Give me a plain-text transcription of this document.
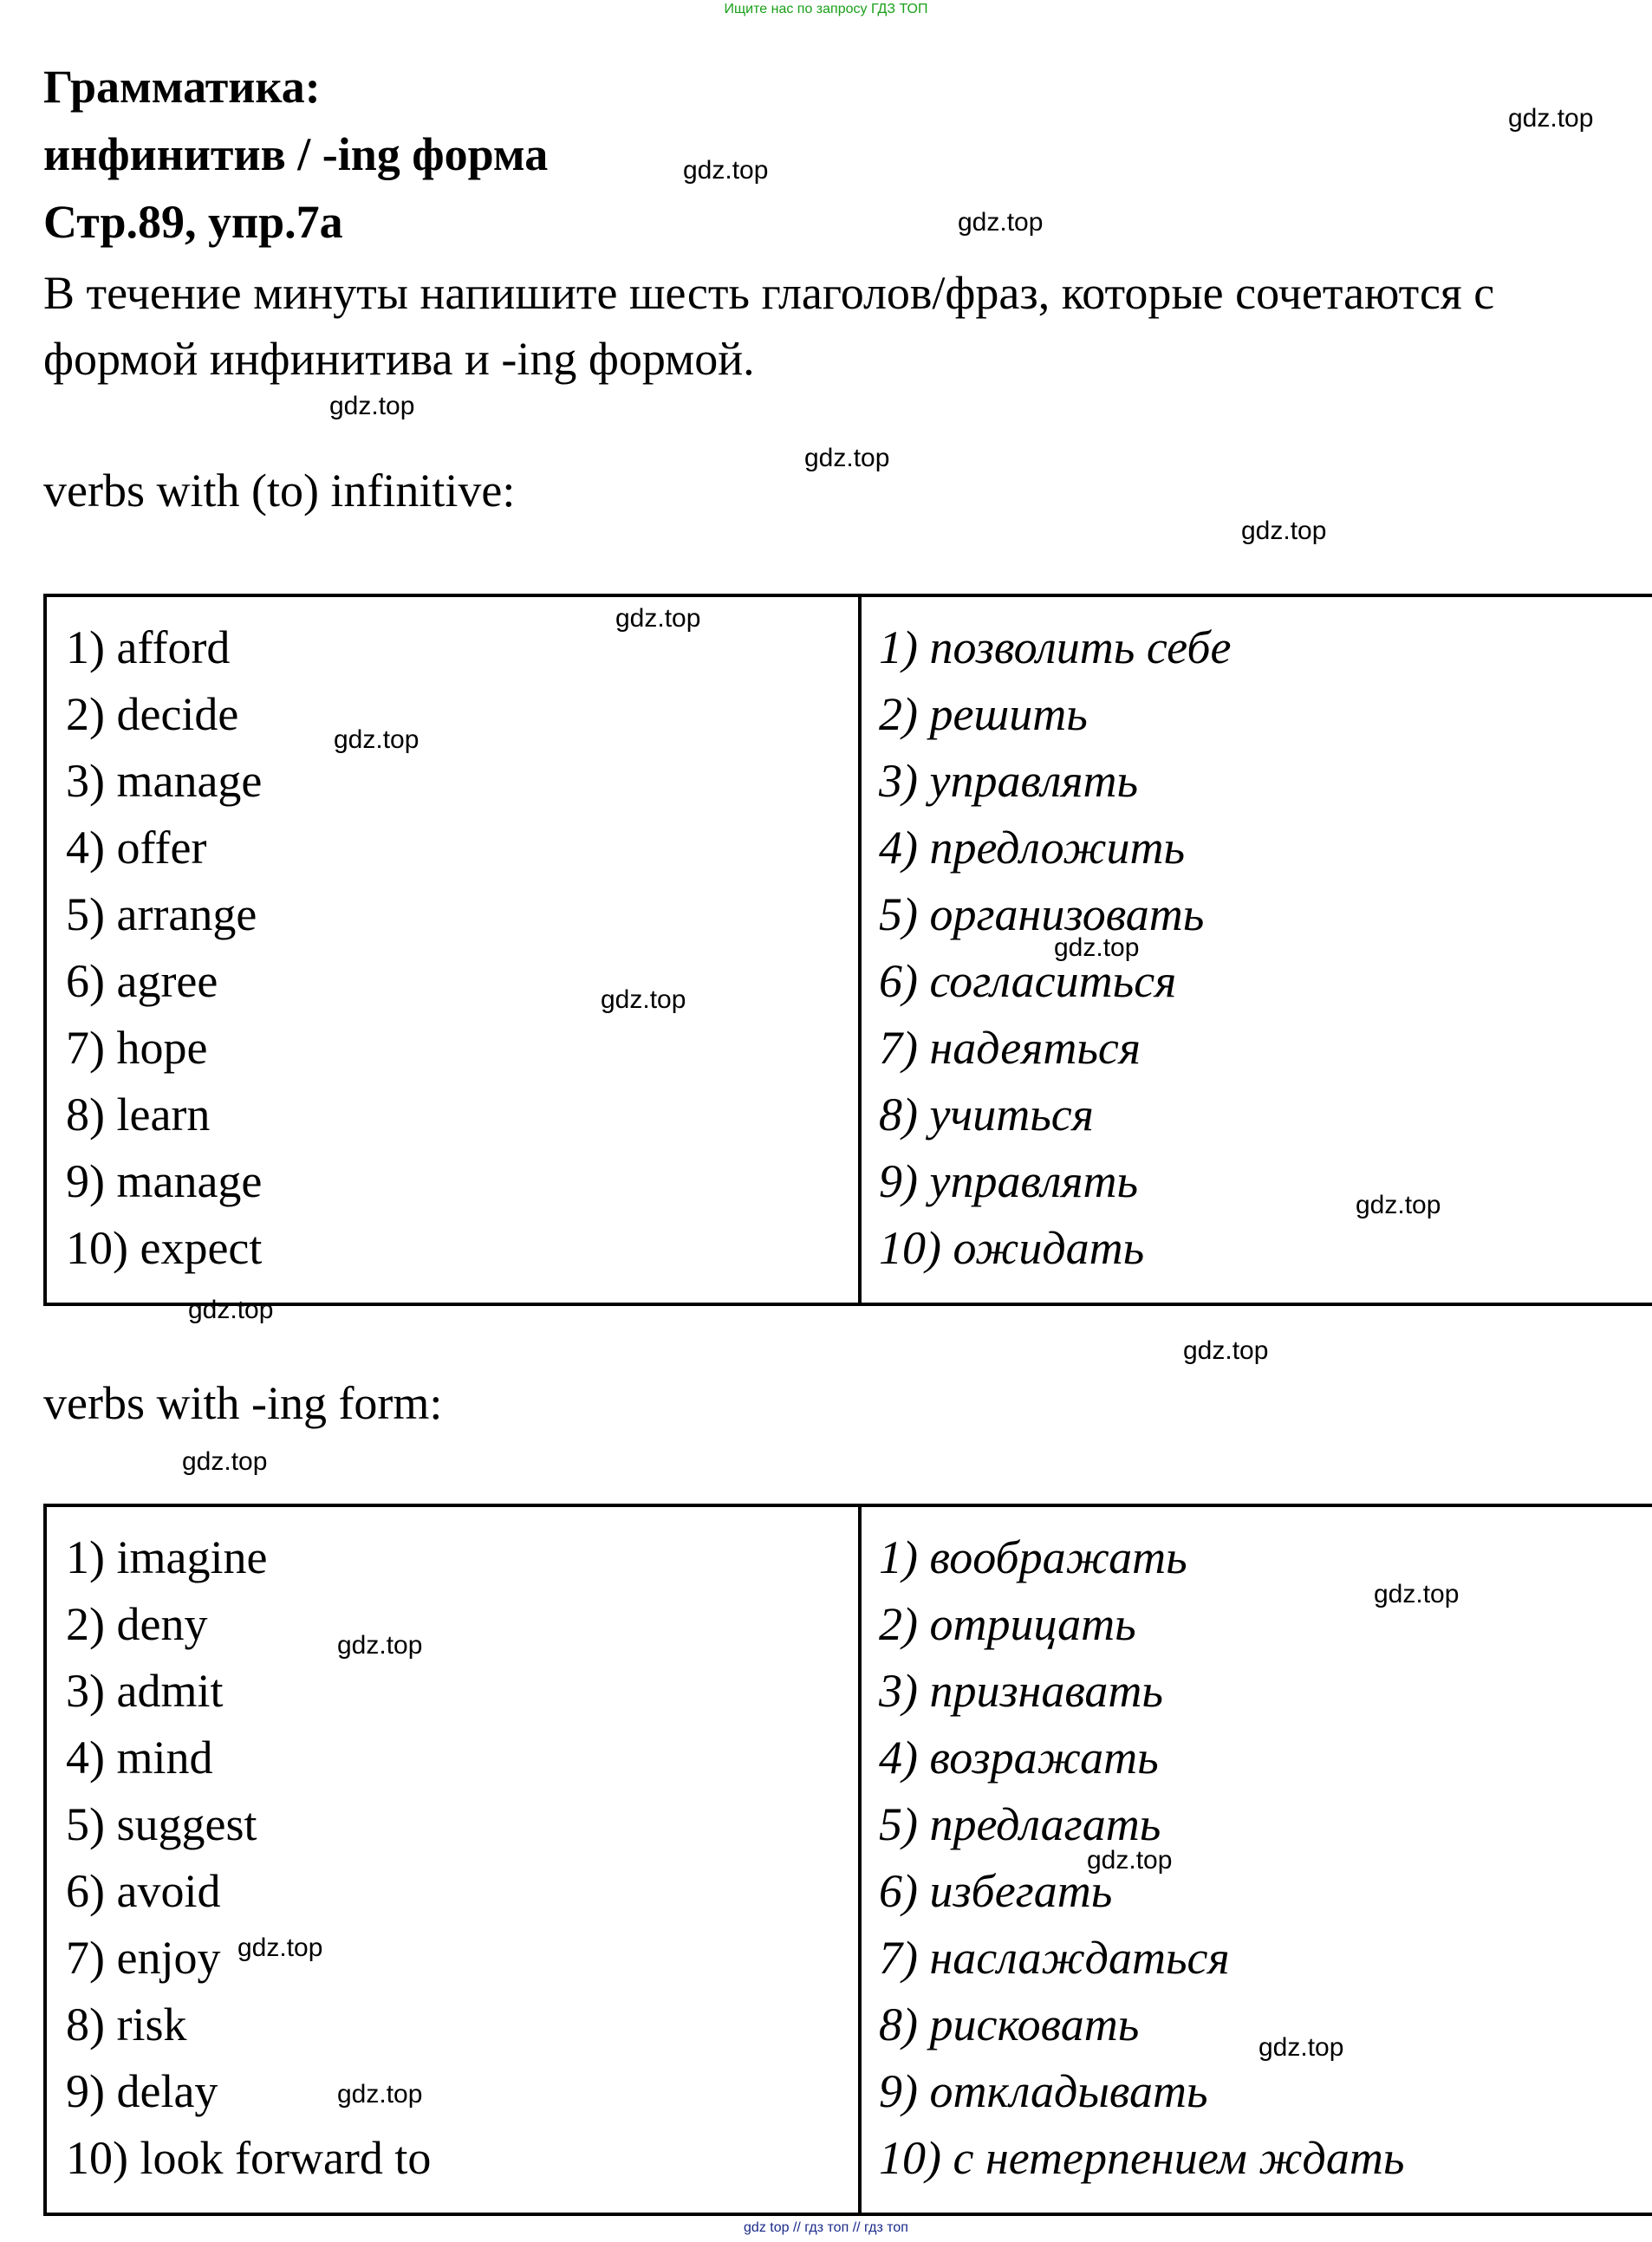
Ищите нас по запросу ГДЗ ТОП
Грамматика:
инфинитив / -ing форма
Стр.89, упр.7а
В течение минуты напишите шесть глаголов/фраз, которые сочетаются с формой инфинитива и -ing формой.
verbs with (to) infinitive:
1) afford
2) decide
3) manage
4) offer
5) arrange
6) agree
7) hope
8) learn
9) manage
10) expect
1) позволить себе
2) решить
3) управлять
4) предложить
5) организовать
6) согласиться
7) надеяться
8) учиться
9) управлять
10) ожидать
verbs with -ing form:
1) imagine
2) deny
3) admit
4) mind
5) suggest
6) avoid
7) enjoy
8) risk
9) delay
10) look forward to
1) воображать
2) отрицать
3) признавать
4) возражать
5) предлагать
6) избегать
7) наслаждаться
8) рисковать
9) откладывать
10) с нетерпением ждать
gdz.top
gdz.top
gdz.top
gdz.top
gdz.top
gdz.top
gdz.top
gdz.top
gdz.top
gdz.top
gdz.top
gdz.top
gdz.top
gdz.top
gdz.top
gdz.top
gdz.top
gdz.top
gdz.top
gdz.top
gdz top // гдз топ // гдз топ
